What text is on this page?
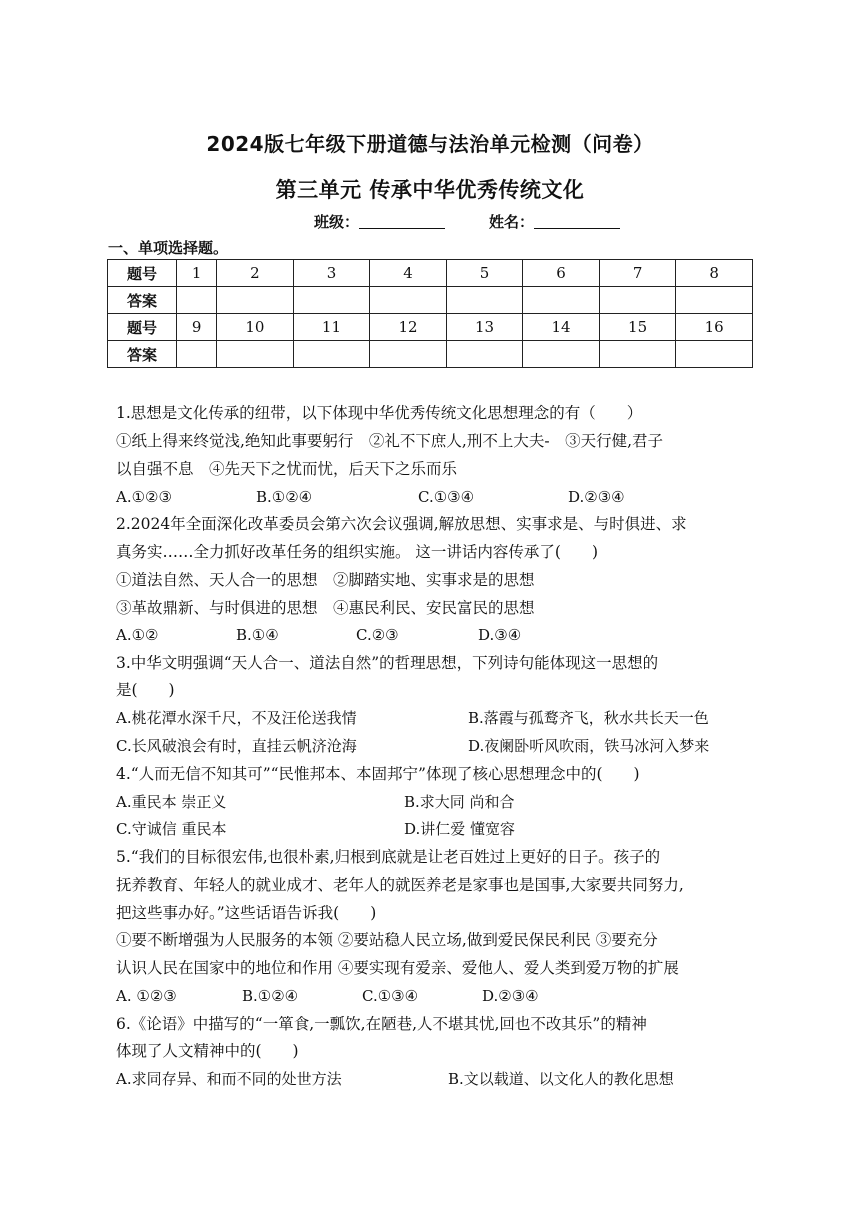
2024版七年级下册道德与法治单元检测（问卷）
第三单元 传承中华优秀传统文化
班级：	姓名：
一、单项选择题。
题号	1	2	3	4	5	6	7	8
答案								
题号	9	10	11	12	13	14	15	16
答案								
1.思想是文化传承的纽带，以下体现中华优秀传统文化思想理念的有（　　）
①纸上得来终觉浅,绝知此事要躬行　②礼不下庶人,刑不上大夫-　③天行健,君子
以自强不息　④先天下之忧而忧，后天下之乐而乐
A.①②③	B.①②④	C.①③④	D.②③④
2.2024年全面深化改革委员会第六次会议强调,解放思想、实事求是、与时俱进、求
真务实……全力抓好改革任务的组织实施。 这一讲话内容传承了(　　)
①道法自然、天人合一的思想　②脚踏实地、实事求是的思想
③革故鼎新、与时俱进的思想　④惠民利民、安民富民的思想
A.①②	B.①④	C.②③	D.③④
3.中华文明强调“天人合一、道法自然”的哲理思想，下列诗句能体现这一思想的
是(　　)
A.桃花潭水深千尺，不及汪伦送我情	B.落霞与孤鹜齐飞，秋水共长天一色
C.长风破浪会有时，直挂云帆济沧海	D.夜阑卧听风吹雨，铁马冰河入梦来
4.“人而无信不知其可”“民惟邦本、本固邦宁”体现了核心思想理念中的(　　)
A.重民本 崇正义	B.求大同 尚和合
C.守诚信 重民本	D.讲仁爱 懂宽容
5.“我们的目标很宏伟,也很朴素,归根到底就是让老百姓过上更好的日子。孩子的
抚养教育、年轻人的就业成才、老年人的就医养老是家事也是国事,大家要共同努力,
把这些事办好。”这些话语告诉我(　　)
①要不断增强为人民服务的本领 ②要站稳人民立场,做到爱民保民利民 ③要充分
认识人民在国家中的地位和作用 ④要实现有爱亲、爱他人、爱人类到爱万物的扩展
A. ①②③	B.①②④	C.①③④	D.②③④
6.《论语》中描写的“一箪食,一瓢饮,在陋巷,人不堪其忧,回也不改其乐”的精神
体现了人文精神中的(　　)
A.求同存异、和而不同的处世方法	B.文以载道、以文化人的教化思想
